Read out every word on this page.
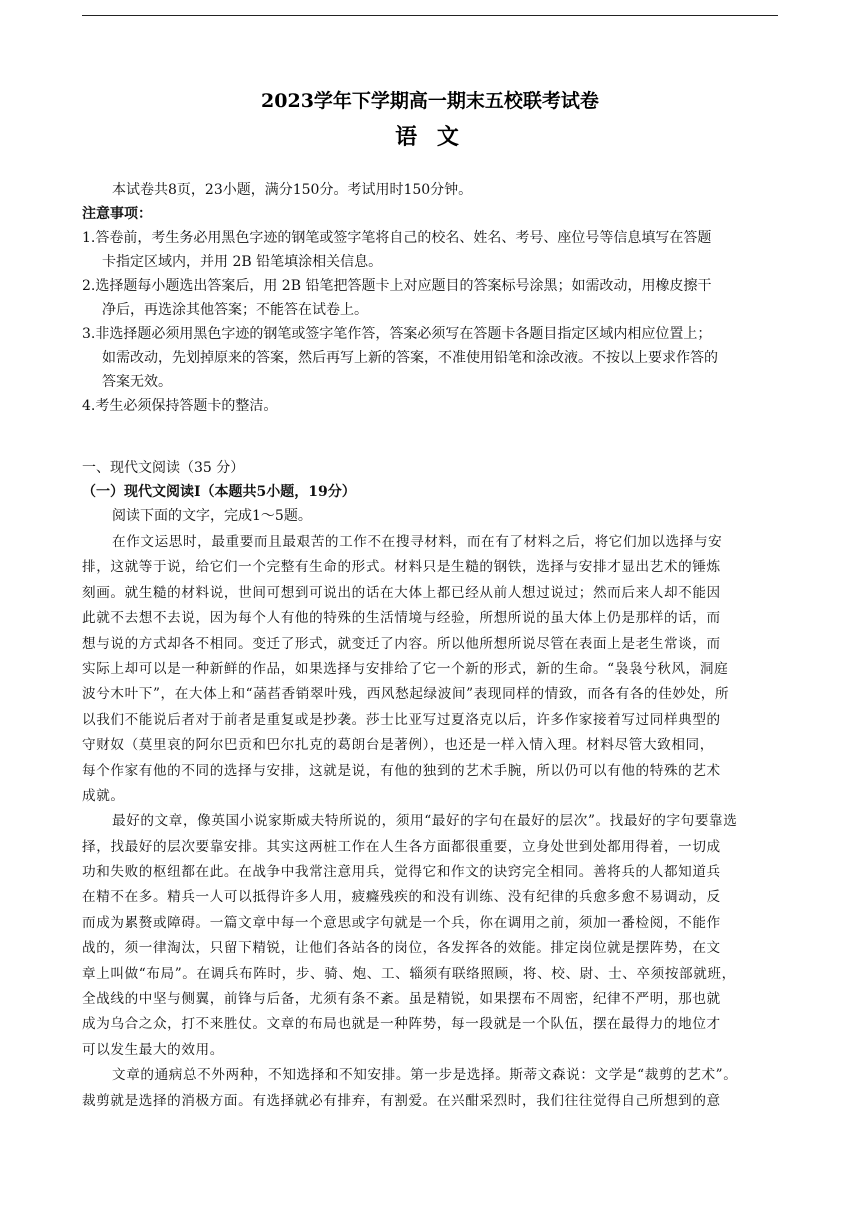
2023学年下学期高一期末五校联考试卷
语 文
本试卷共8页，23小题，满分150分。考试用时150分钟。
注意事项：
1.答卷前，考生务必用黑色字迹的钢笔或签字笔将自己的校名、姓名、考号、座位号等信息填写在答题
卡指定区域内，并用 2B 铅笔填涂相关信息。
2.选择题每小题选出答案后，用 2B 铅笔把答题卡上对应题目的答案标号涂黑；如需改动，用橡皮擦干
净后，再选涂其他答案；不能答在试卷上。
3.非选择题必须用黑色字迹的钢笔或签字笔作答，答案必须写在答题卡各题目指定区域内相应位置上；
如需改动，先划掉原来的答案，然后再写上新的答案，不准使用铅笔和涂改液。不按以上要求作答的
答案无效。
4.考生必须保持答题卡的整洁。
一、现代文阅读（35 分）
（一）现代文阅读Ⅰ（本题共5小题，19分）
阅读下面的文字，完成1～5题。
在作文运思时，最重要而且最艰苦的工作不在搜寻材料，而在有了材料之后，将它们加以选择与安
排，这就等于说，给它们一个完整有生命的形式。材料只是生糙的钢铁，选择与安排才显出艺术的锤炼
刻画。就生糙的材料说，世间可想到可说出的话在大体上都已经从前人想过说过；然而后来人却不能因
此就不去想不去说，因为每个人有他的特殊的生活情境与经验，所想所说的虽大体上仍是那样的话，而
想与说的方式却各不相同。变迁了形式，就变迁了内容。所以他所想所说尽管在表面上是老生常谈，而
实际上却可以是一种新鲜的作品，如果选择与安排给了它一个新的形式，新的生命。“袅袅兮秋风，洞庭
波兮木叶下”，在大体上和“菡萏香销翠叶残，西风愁起绿波间”表现同样的情致，而各有各的佳妙处，所
以我们不能说后者对于前者是重复或是抄袭。莎士比亚写过夏洛克以后，许多作家接着写过同样典型的
守财奴（莫里哀的阿尔巴贡和巴尔扎克的葛朗台是著例），也还是一样入情入理。材料尽管大致相同，
每个作家有他的不同的选择与安排，这就是说，有他的独到的艺术手腕，所以仍可以有他的特殊的艺术
成就。
最好的文章，像英国小说家斯威夫特所说的，须用“最好的字句在最好的层次”。找最好的字句要靠选
择，找最好的层次要靠安排。其实这两桩工作在人生各方面都很重要，立身处世到处都用得着，一切成
功和失败的枢纽都在此。在战争中我常注意用兵，觉得它和作文的诀窍完全相同。善将兵的人都知道兵
在精不在多。精兵一人可以抵得许多人用，疲癃残疾的和没有训练、没有纪律的兵愈多愈不易调动，反
而成为累赘或障碍。一篇文章中每一个意思或字句就是一个兵，你在调用之前，须加一番检阅，不能作
战的，须一律淘汰，只留下精锐，让他们各站各的岗位，各发挥各的效能。排定岗位就是摆阵势，在文
章上叫做“布局”。在调兵布阵时，步、骑、炮、工、辎须有联络照顾，将、校、尉、士、卒须按部就班，
全战线的中坚与侧翼，前锋与后备，尤须有条不紊。虽是精锐，如果摆布不周密，纪律不严明，那也就
成为乌合之众，打不来胜仗。文章的布局也就是一种阵势，每一段就是一个队伍，摆在最得力的地位才
可以发生最大的效用。
文章的通病总不外两种，不知选择和不知安排。第一步是选择。斯蒂文森说：文学是“裁剪的艺术”。
裁剪就是选择的消极方面。有选择就必有排弃，有割爱。在兴酣采烈时，我们往往觉得自己所想到的意
